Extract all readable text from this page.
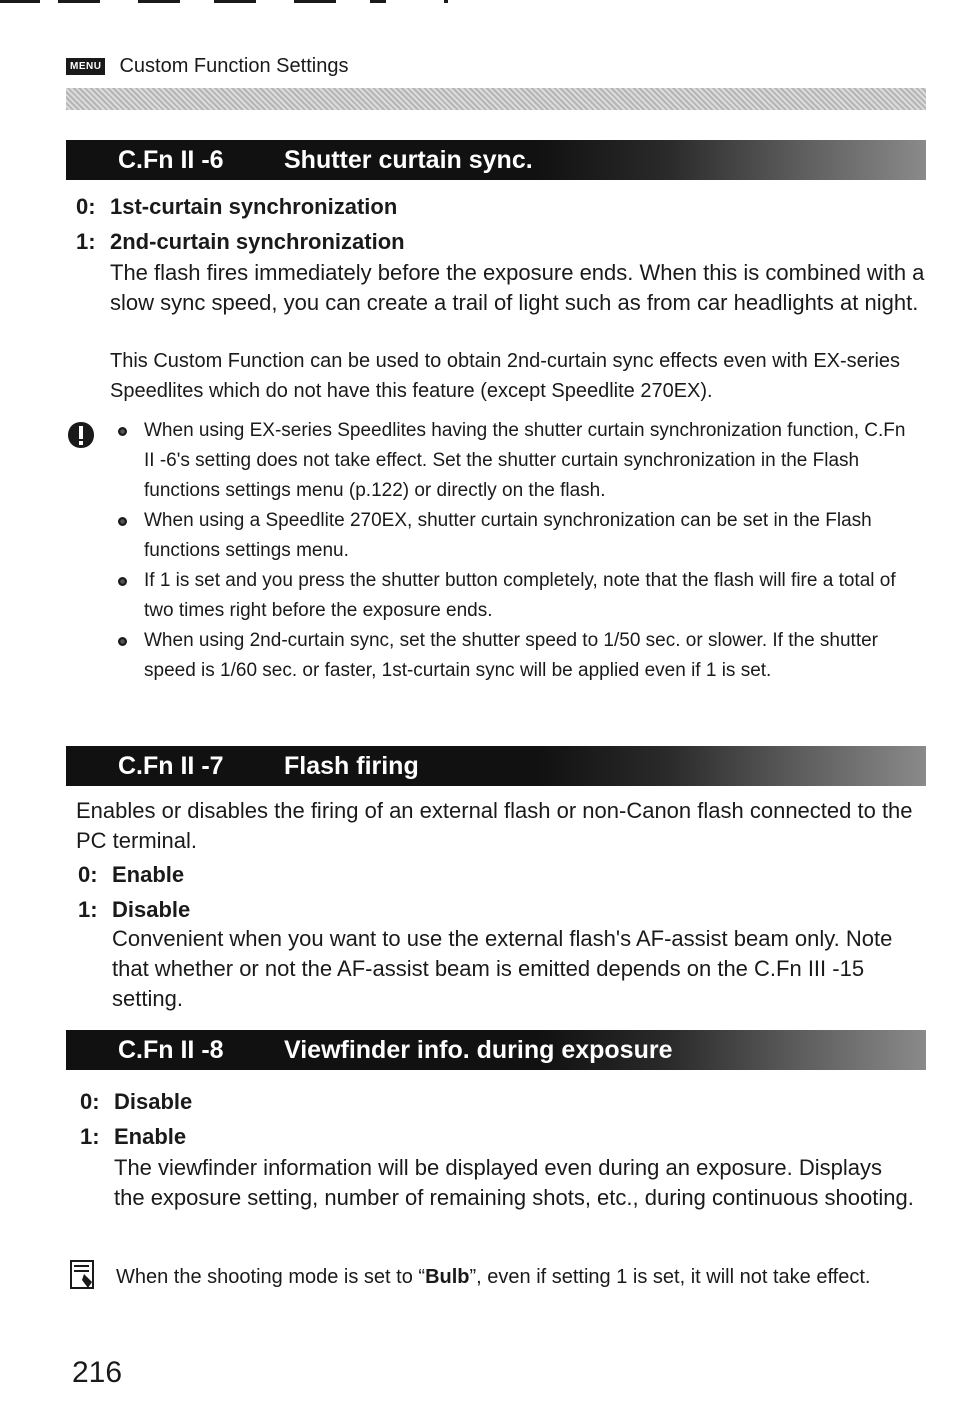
MENU Custom Function Settings
C.Fn II -6	Shutter curtain sync.
0: 1st-curtain synchronization
1: 2nd-curtain synchronization
The flash fires immediately before the exposure ends. When this is combined with a slow sync speed, you can create a trail of light such as from car headlights at night.
This Custom Function can be used to obtain 2nd-curtain sync effects even with EX-series Speedlites which do not have this feature (except Speedlite 270EX).
When using EX-series Speedlites having the shutter curtain synchronization function, C.Fn II -6's setting does not take effect. Set the shutter curtain synchronization in the Flash functions settings menu (p.122) or directly on the flash.
When using a Speedlite 270EX, shutter curtain synchronization can be set in the Flash functions settings menu.
If 1 is set and you press the shutter button completely, note that the flash will fire a total of two times right before the exposure ends.
When using 2nd-curtain sync, set the shutter speed to 1/50 sec. or slower. If the shutter speed is 1/60 sec. or faster, 1st-curtain sync will be applied even if 1 is set.
C.Fn II -7	Flash firing
Enables or disables the firing of an external flash or non-Canon flash connected to the PC terminal.
0: Enable
1: Disable
Convenient when you want to use the external flash's AF-assist beam only. Note that whether or not the AF-assist beam is emitted depends on the C.Fn III -15 setting.
C.Fn II -8	Viewfinder info. during exposure
0: Disable
1: Enable
The viewfinder information will be displayed even during an exposure. Displays the exposure setting, number of remaining shots, etc., during continuous shooting.
When the shooting mode is set to “Bulb”, even if setting 1 is set, it will not take effect.
216
